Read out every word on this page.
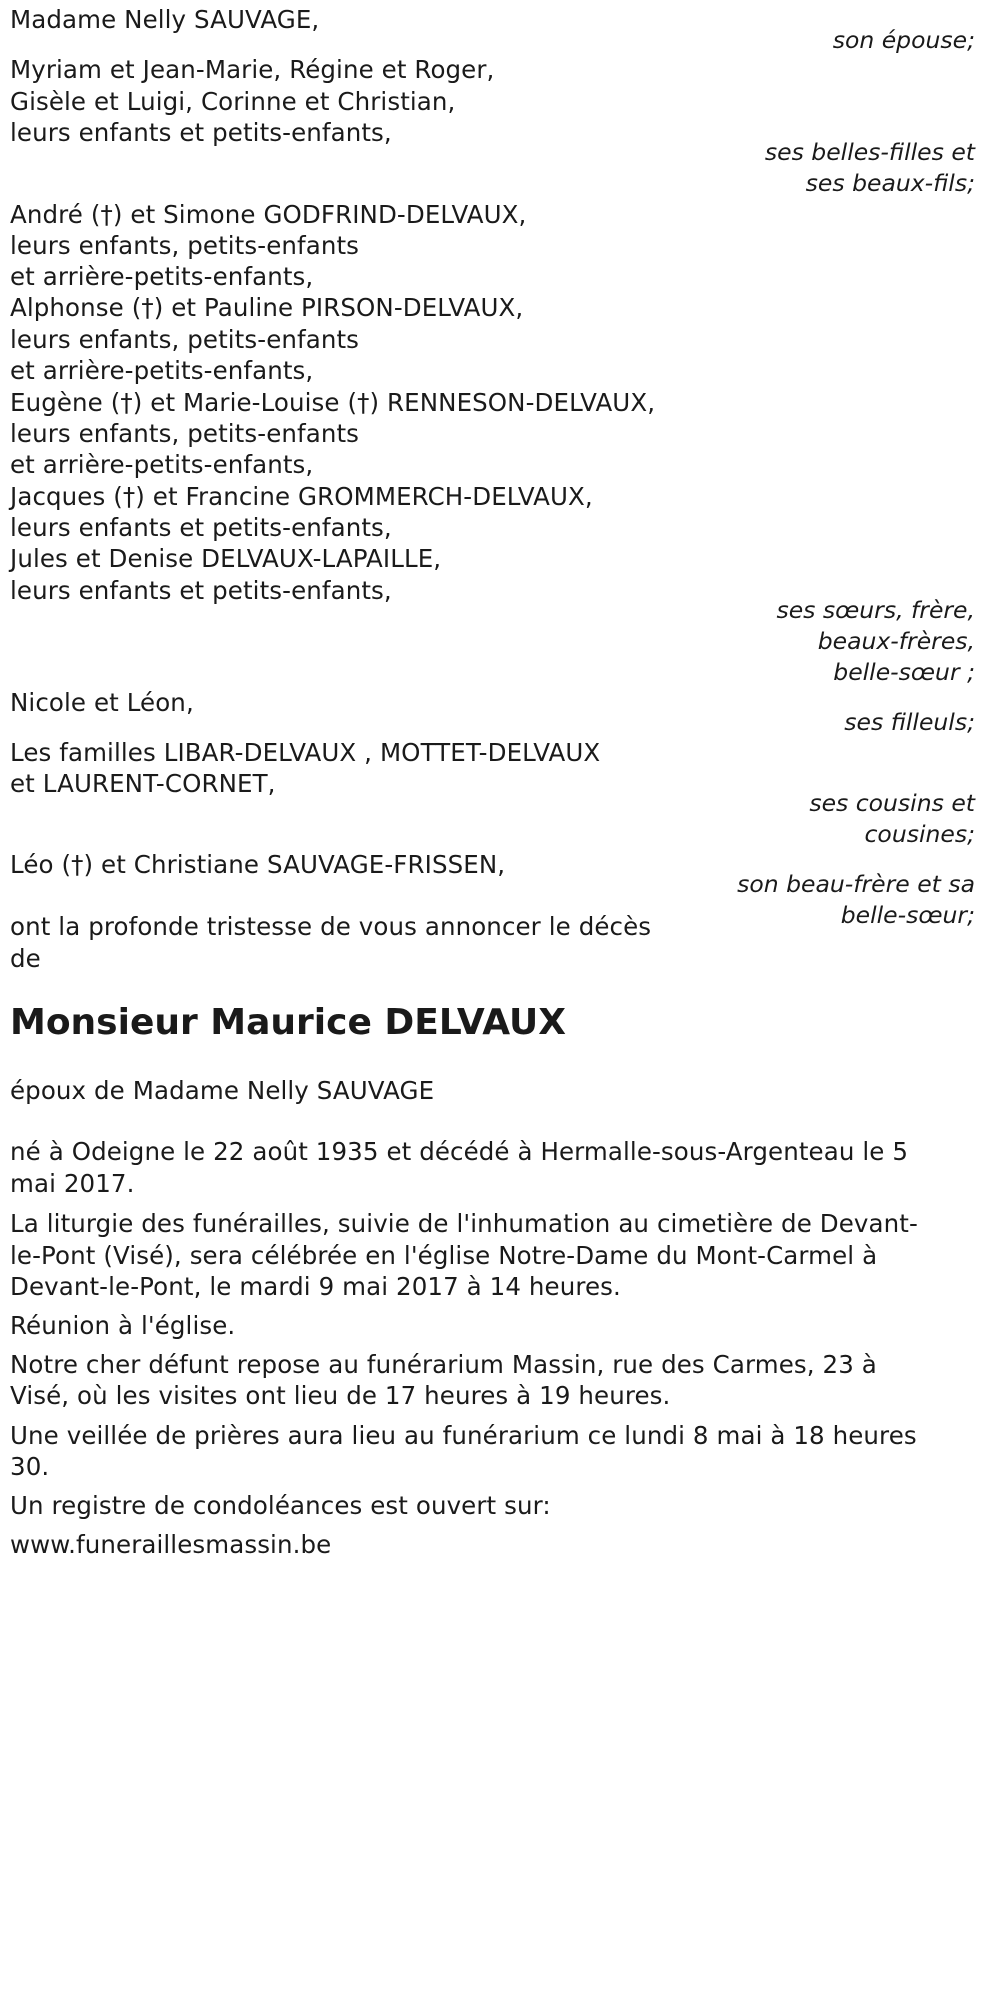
Madame Nelly SAUVAGE,
son épouse;
Myriam et Jean-Marie, Régine et Roger,
Gisèle et Luigi, Corinne et Christian,
leurs enfants et petits-enfants,
ses belles-filles et
ses beaux-fils;
André (†) et Simone GODFRIND-DELVAUX,
leurs enfants, petits-enfants
et arrière-petits-enfants,
Alphonse (†) et Pauline PIRSON-DELVAUX,
leurs enfants, petits-enfants
et arrière-petits-enfants,
Eugène (†) et Marie-Louise (†) RENNESON-DELVAUX,
leurs enfants, petits-enfants
et arrière-petits-enfants,
Jacques (†) et Francine GROMMERCH-DELVAUX,
leurs enfants et petits-enfants,
Jules et Denise DELVAUX-LAPAILLE,
leurs enfants et petits-enfants,
ses sœurs, frère,
beaux-frères,
belle-sœur ;
Nicole et Léon,
ses filleuls;
Les familles LIBAR-DELVAUX , MOTTET-DELVAUX
et LAURENT-CORNET,
ses cousins et
cousines;
Léo (†) et Christiane SAUVAGE-FRISSEN,
son beau-frère et sa
belle-sœur;
ont la profonde tristesse de vous annoncer le décès
de
Monsieur Maurice DELVAUX
époux de Madame Nelly SAUVAGE
né à Odeigne le 22 août 1935 et décédé à Hermalle-sous-Argenteau le 5
mai 2017.
La liturgie des funérailles, suivie de l'inhumation au cimetière de Devant-
le-Pont (Visé), sera célébrée en l'église Notre-Dame du Mont-Carmel à
Devant-le-Pont, le mardi 9 mai 2017 à 14 heures.
Réunion à l'église.
Notre cher défunt repose au funérarium Massin, rue des Carmes, 23 à
Visé, où les visites ont lieu de 17 heures à 19 heures.
Une veillée de prières aura lieu au funérarium ce lundi 8 mai à 18 heures
30.
Un registre de condoléances est ouvert sur:
www.funeraillesmassin.be
